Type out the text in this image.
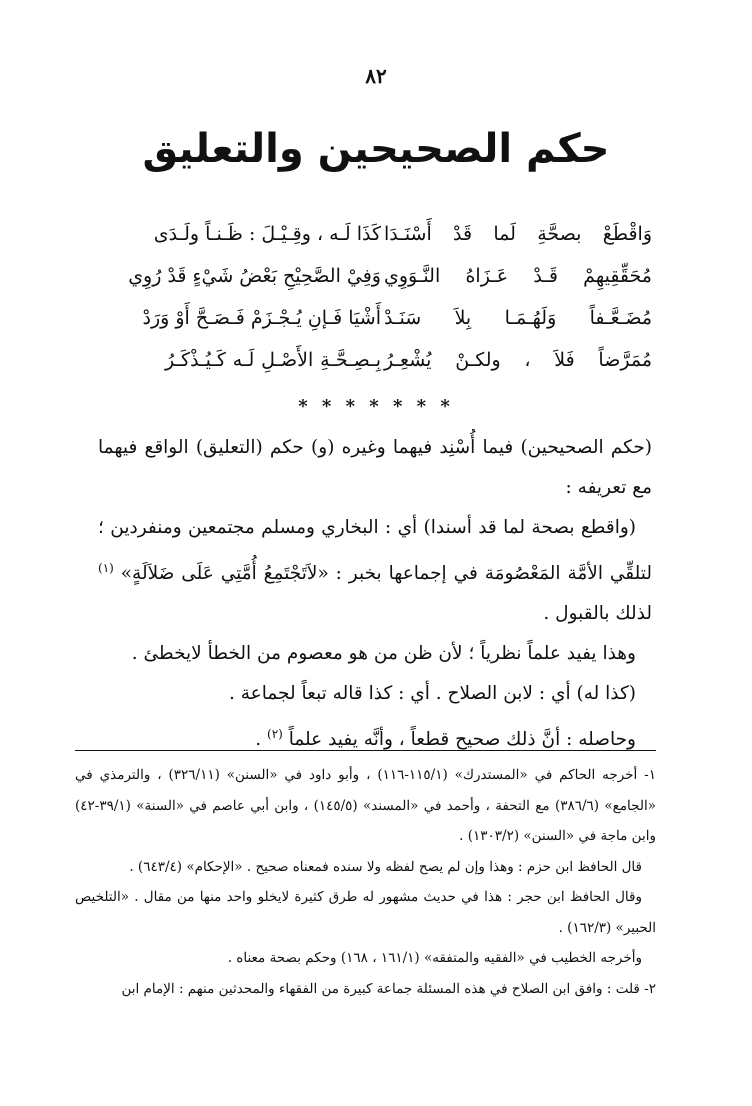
٨٢
حكم الصحيحين والتعليق
وَاقْطَعْ بصحَّةِ لَما قَدْ أَسْنَـدَا
كَذَا لَـه ، وقِـيْـلَ : ظَـنـاً ولَـدَى
مُحَقِّقِيهِمْ قَـدْ عَـزَاهُ النَّـوَوِي
وَفِيْ الصَّحِيْحِ بَعْضُ شَيْءٍ قَدْ رُوِي
مُضَـعَّـفاً وَلَهُـمَـا بِلاَ سَنَـدْ
أَشْيَا فَـإنِ يُـجْـزَمْ فَـصَـحَّ أَوْ وَرَدْ
مُمَرَّضاً فَلاَ ، ولكـنْ يُشْعِـرُ
بِـصِـحَّـةِ الأَصْـلِ لَـه كَـيُـذْكَـرُ
* * * * * * *

(حكم الصحيحين) فيما أُسْنِد فيهما وغيره (و) حكم (التعليق) الواقع فيهما مع تعريفه :

(واقطع بصحة لما قد أسندا) أي : البخاري ومسلم مجتمعين ومنفردين ؛ لتلقِّي الأمَّة المَعْصُومَة في إجماعها بخبر : «لاَتَجْتَمِعُ أُمَّتِي عَلَى ضَلاَلَةٍ» $^{(١)}$ لذلك بالقبول .

وهذا يفيد علماً نظرياً ؛ لأن ظن من هو معصوم من الخطأ لايخطئ .

(كذا له) أي : لابن الصلاح . أي : كذا قاله تبعاً لجماعة .

وحاصله : أنَّ ذلك صحيح قطعاً ، وأنَّه يفيد علماً $^{(٢)}$ .

١- أخرجه الحاكم في «المستدرك» (١١٥/١-١١٦) ، وأبو داود في «السنن» (٣٢٦/١١) ، والترمذي في «الجامع» (٣٨٦/٦) مع التحفة ، وأحمد في «المسند» (١٤٥/٥) ، وابن أبي عاصم في «السنة» (٣٩/١-٤٢) وابن ماجة في «السنن» (١٣٠٣/٢) .

قال الحافظ ابن حزم : وهذا وإن لم يصح لفظه ولا سنده فمعناه صحيح . «الإحكام» (٦٤٣/٤) .

وقال الحافظ ابن حجر : هذا في حديث مشهور له طرق كثيرة لايخلو واحد منها من مقال . «التلخيص الحبير» (١٦٢/٣) .

وأخرجه الخطيب في «الفقيه والمتفقه» (١٦١/١ ، ١٦٨) وحكم بصحة معناه .

٢- قلت : وافق ابن الصلاح في هذه المسئلة جماعة كبيرة من الفقهاء والمحدثين منهم : الإمام ابن
